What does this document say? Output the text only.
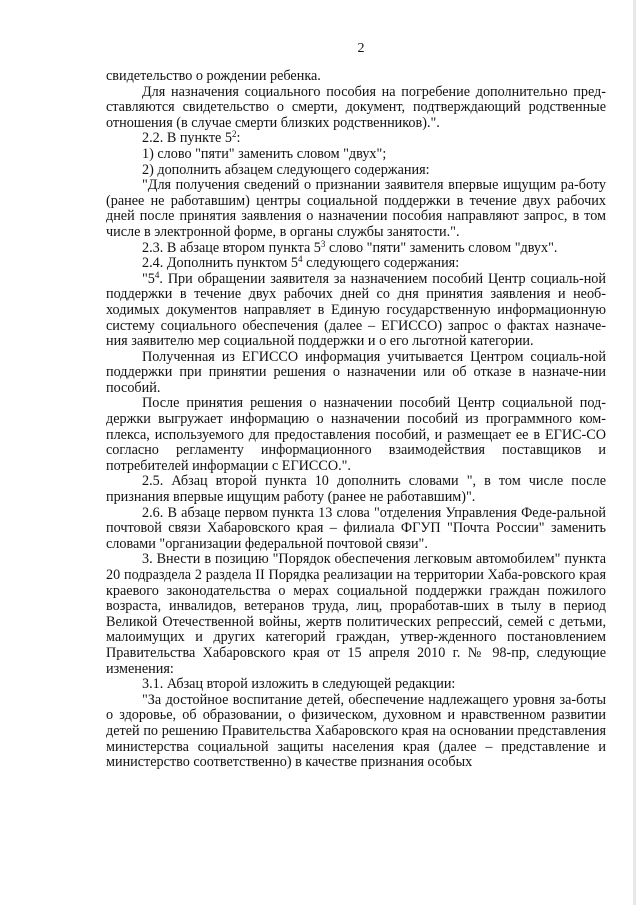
2

свидетельство о рождении ребенка.

Для назначения социального пособия на погребение дополнительно пред-ставляются свидетельство о смерти, документ, подтверждающий родственные отношения (в случае смерти близких родственников).".

2.2. В пункте $5^2$:

1) слово "пяти" заменить словом "двух";

2) дополнить абзацем следующего содержания:

"Для получения сведений о признании заявителя впервые ищущим ра-боту (ранее не работавшим) центры социальной поддержки в течение двух рабочих дней после принятия заявления о назначении пособия направляют запрос, в том числе в электронной форме, в органы службы занятости.".

2.3. В абзаце втором пункта $5^3$ слово "пяти" заменить словом "двух".

2.4. Дополнить пунктом $5^4$ следующего содержания:

"$5^4$. При обращении заявителя за назначением пособий Центр социаль-ной поддержки в течение двух рабочих дней со дня принятия заявления и необ-ходимых документов направляет в Единую государственную информационную систему социального обеспечения (далее – ЕГИССО) запрос о фактах назначе-ния заявителю мер социальной поддержки и о его льготной категории.

Полученная из ЕГИССО информация учитывается Центром социаль-ной поддержки при принятии решения о назначении или об отказе в назначе-нии пособий.

После принятия решения о назначении пособий Центр социальной под-держки выгружает информацию о назначении пособий из программного ком-плекса, используемого для предоставления пособий, и размещает ее в ЕГИС-СО согласно регламенту информационного взаимодействия поставщиков и потребителей информации с ЕГИССО.".

2.5. Абзац второй пункта 10 дополнить словами ", в том числе после признания впервые ищущим работу (ранее не работавшим)".

2.6. В абзаце первом пункта 13 слова "отделения Управления Феде-ральной почтовой связи Хабаровского края – филиала ФГУП "Почта России" заменить словами "организации федеральной почтовой связи".

3. Внести в позицию "Порядок обеспечения легковым автомобилем" пункта 20 подраздела 2 раздела II Порядка реализации на территории Хаба-ровского края краевого законодательства о мерах социальной поддержки граждан пожилого возраста, инвалидов, ветеранов труда, лиц, проработав-ших в тылу в период Великой Отечественной войны, жертв политических репрессий, семей с детьми, малоимущих и других категорий граждан, утвер-жденного постановлением Правительства Хабаровского края от 15 апреля 2010 г. № 98-пр, следующие изменения:

3.1. Абзац второй изложить в следующей редакции:

"За достойное воспитание детей, обеспечение надлежащего уровня за-боты о здоровье, об образовании, о физическом, духовном и нравственном развитии детей по решению Правительства Хабаровского края на основании представления министерства социальной защиты населения края (далее – представление и министерство соответственно) в качестве признания особых
